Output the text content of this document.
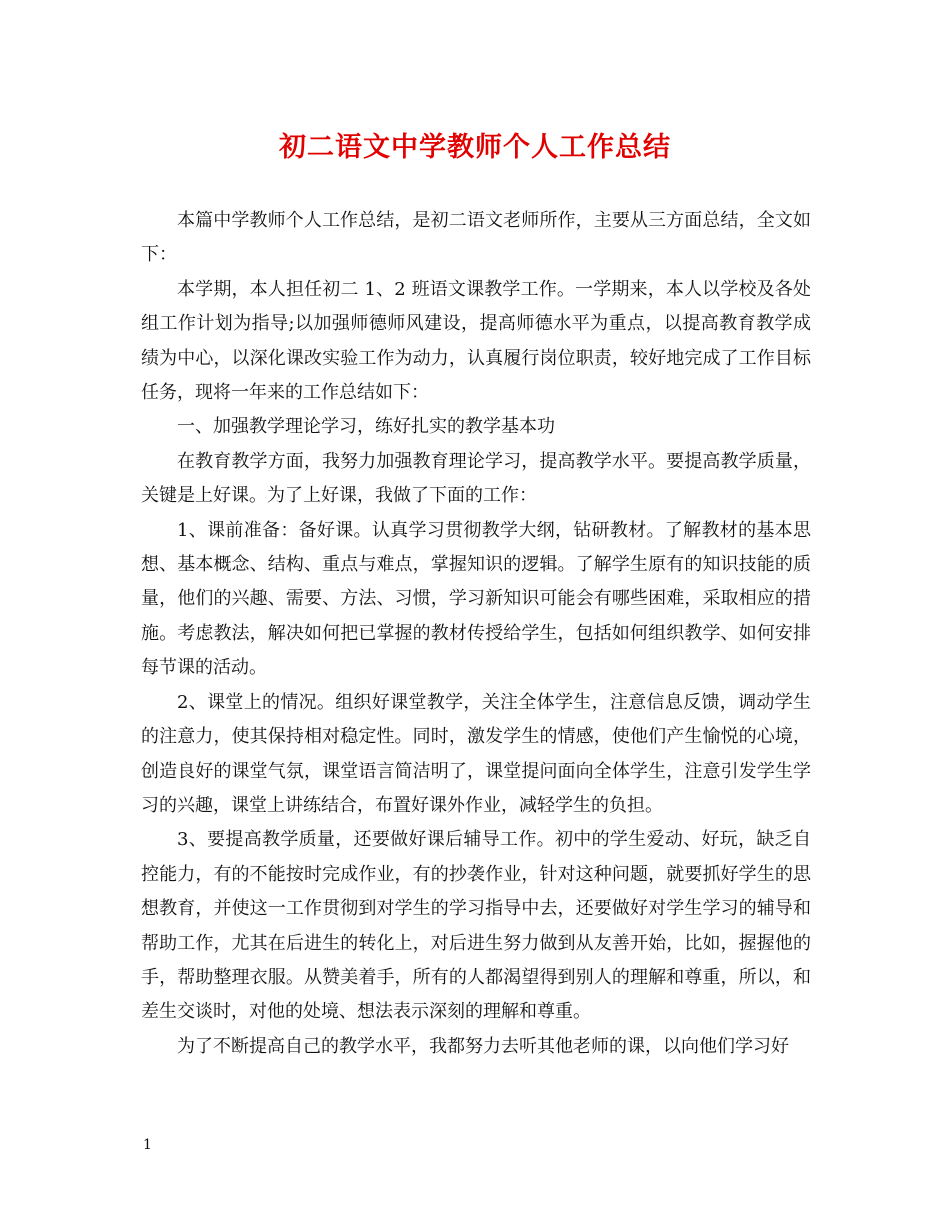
初二语文中学教师个人工作总结

本篇中学教师个人工作总结，是初二语文老师所作，主要从三方面总结，全文如下：

本学期，本人担任初二 1、2 班语文课教学工作。一学期来，本人以学校及各处组工作计划为指导;以加强师德师风建设，提高师德水平为重点，以提高教育教学成绩为中心，以深化课改实验工作为动力，认真履行岗位职责，较好地完成了工作目标任务，现将一年来的工作总结如下：

一、加强教学理论学习，练好扎实的教学基本功

在教育教学方面，我努力加强教育理论学习，提高教学水平。要提高教学质量，关键是上好课。为了上好课，我做了下面的工作：

1、课前准备：备好课。认真学习贯彻教学大纲，钻研教材。了解教材的基本思想、基本概念、结构、重点与难点，掌握知识的逻辑。了解学生原有的知识技能的质量，他们的兴趣、需要、方法、习惯，学习新知识可能会有哪些困难，采取相应的措施。考虑教法，解决如何把已掌握的教材传授给学生，包括如何组织教学、如何安排每节课的活动。

2、课堂上的情况。组织好课堂教学，关注全体学生，注意信息反馈，调动学生的注意力，使其保持相对稳定性。同时，激发学生的情感，使他们产生愉悦的心境，创造良好的课堂气氛，课堂语言简洁明了，课堂提问面向全体学生，注意引发学生学习的兴趣，课堂上讲练结合，布置好课外作业，减轻学生的负担。

3、要提高教学质量，还要做好课后辅导工作。初中的学生爱动、好玩，缺乏自控能力，有的不能按时完成作业，有的抄袭作业，针对这种问题，就要抓好学生的思想教育，并使这一工作贯彻到对学生的学习指导中去，还要做好对学生学习的辅导和帮助工作，尤其在后进生的转化上，对后进生努力做到从友善开始，比如，握握他的手，帮助整理衣服。从赞美着手，所有的人都渴望得到别人的理解和尊重，所以，和差生交谈时，对他的处境、想法表示深刻的理解和尊重。

为了不断提高自己的教学水平，我都努力去听其他老师的课，以向他们学习好

1
